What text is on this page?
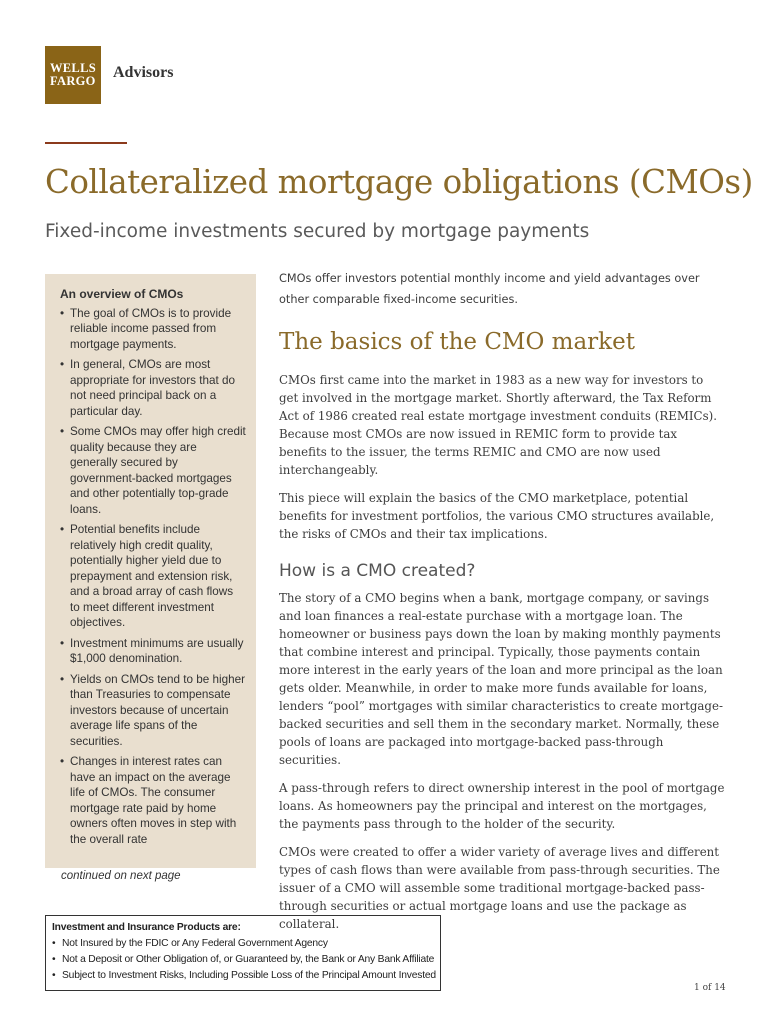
WELLS
FARGO	Advisors
Collateralized mortgage obligations (CMOs)
Fixed-income investments secured by mortgage payments
An overview of CMOs
• The goal of CMOs is to provide reliable income passed from mortgage payments.
• In general, CMOs are most appropriate for investors that do not need principal back on a particular day.
• Some CMOs may offer high credit quality because they are generally secured by government-backed mortgages and other potentially top-grade loans.
• Potential benefits include relatively high credit quality, potentially higher yield due to prepayment and extension risk, and a broad array of cash flows to meet different investment objectives.
• Investment minimums are usually $1,000 denomination.
• Yields on CMOs tend to be higher than Treasuries to compensate investors because of uncertain average life spans of the securities.
• Changes in interest rates can have an impact on the average life of CMOs. The consumer mortgage rate paid by home owners often moves in step with the overall rate
continued on next page

CMOs offer investors potential monthly income and yield advantages over other comparable fixed-income securities.

The basics of the CMO market

CMOs first came into the market in 1983 as a new way for investors to get involved in the mortgage market. Shortly afterward, the Tax Reform Act of 1986 created real estate mortgage investment conduits (REMICs). Because most CMOs are now issued in REMIC form to provide tax benefits to the issuer, the terms REMIC and CMO are now used interchangeably.

This piece will explain the basics of the CMO marketplace, potential benefits for investment portfolios, the various CMO structures available, the risks of CMOs and their tax implications.

How is a CMO created?

The story of a CMO begins when a bank, mortgage company, or savings and loan finances a real-estate purchase with a mortgage loan. The homeowner or business pays down the loan by making monthly payments that combine interest and principal. Typically, those payments contain more interest in the early years of the loan and more principal as the loan gets older. Meanwhile, in order to make more funds available for loans, lenders “pool” mortgages with similar characteristics to create mortgage-backed securities and sell them in the secondary market. Normally, these pools of loans are packaged into mortgage-backed pass-through securities.

A pass-through refers to direct ownership interest in the pool of mortgage loans. As homeowners pay the principal and interest on the mortgages, the payments pass through to the holder of the security.

CMOs were created to offer a wider variety of average lives and different types of cash flows than were available from pass-through securities. The issuer of a CMO will assemble some traditional mortgage-backed pass-through securities or actual mortgage loans and use the package as collateral.

Investment and Insurance Products are:
• Not Insured by the FDIC or Any Federal Government Agency
• Not a Deposit or Other Obligation of, or Guaranteed by, the Bank or Any Bank Affiliate
• Subject to Investment Risks, Including Possible Loss of the Principal Amount Invested
1 of 14
